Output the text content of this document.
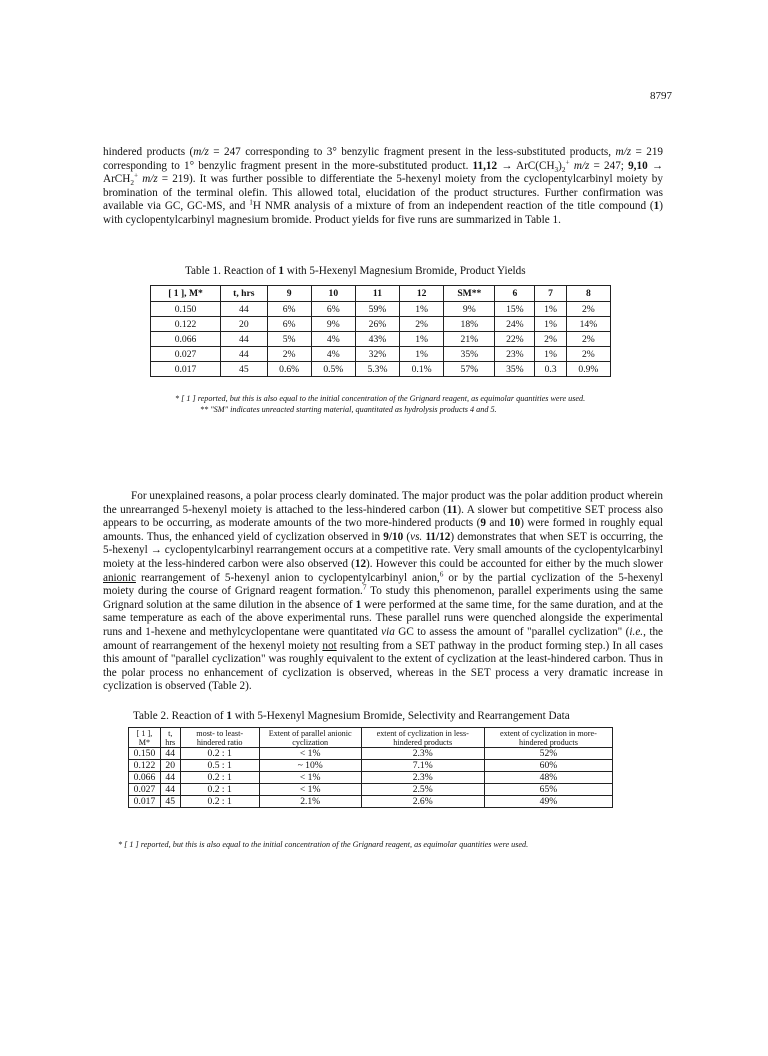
8797

hindered products (m/z = 247 corresponding to 3° benzylic fragment present in the less-substituted products, m/z = 219 corresponding to 1° benzylic fragment present in the more-substituted product. $11,12 \to ArC(CH_3)_2^+$ m/z = 247; 9,10 → ArCH$_2$+ m/z = 219). It was further possible to differentiate the 5-hexenyl moiety from the cyclopentylcarbinyl moiety by bromination of the terminal olefin. This allowed total, elucidation of the product structures. Further confirmation was available via GC, GC-MS, and $^1$H NMR analysis of a mixture of from an independent reaction of the title compound (1) with cyclopentylcarbinyl magnesium bromide. Product yields for five runs are summarized in Table 1.

Table 1. Reaction of 1 with 5-Hexenyl Magnesium Bromide, Product Yields
[ 1 ], M*	t, hrs	9	10	11	12	SM**	6	7	8
0.150	44	6%	6%	59%	1%	9%	15%	1%	2%
0.122	20	6%	9%	26%	2%	18%	24%	1%	14%
0.066	44	5%	4%	43%	1%	21%	22%	2%	2%
0.027	44	2%	4%	32%	1%	35%	23%	1%	2%
0.017	45	0.6%	0.5%	5.3%	0.1%	57%	35%	0.3	0.9%
* [ 1 ] reported, but this is also equal to the initial concentration of the Grignard reagent, as equimolar quantities were used.
** "SM" indicates unreacted starting material, quantitated as hydrolysis products 4 and 5.

For unexplained reasons, a polar process clearly dominated. The major product was the polar addition product wherein the unrearranged 5-hexenyl moiety is attached to the less-hindered carbon (11). A slower but competitive SET process also appears to be occurring, as moderate amounts of the two more-hindered products (9 and 10) were formed in roughly equal amounts. Thus, the enhanced yield of cyclization observed in 9/10 (vs. 11/12) demonstrates that when SET is occurring, the 5-hexenyl → cyclopentylcarbinyl rearrangement occurs at a competitive rate. Very small amounts of the cyclopentylcarbinyl moiety at the less-hindered carbon were also observed (12). However this could be accounted for either by the much slower anionic rearrangement of 5-hexenyl anion to cyclopentylcarbinyl anion,$^6$ or by the partial cyclization of the 5-hexenyl moiety during the course of Grignard reagent formation.$^7$ To study this phenomenon, parallel experiments using the same Grignard solution at the same dilution in the absence of 1 were performed at the same time, for the same duration, and at the same temperature as each of the above experimental runs. These parallel runs were quenched alongside the experimental runs and 1-hexene and methylcyclopentane were quantitated via GC to assess the amount of "parallel cyclization" (i.e., the amount of rearrangement of the hexenyl moiety not resulting from a SET pathway in the product forming step.) In all cases this amount of "parallel cyclization" was roughly equivalent to the extent of cyclization at the least-hindered carbon. Thus in the polar process no enhancement of cyclization is observed, whereas in the SET process a very dramatic increase in cyclization is observed (Table 2).

Table 2. Reaction of 1 with 5-Hexenyl Magnesium Bromide, Selectivity and Rearrangement Data
[ 1 ], M*	t, hrs	most- to least-hindered ratio	Extent of parallel anionic cyclization	extent of cyclization in less-hindered products	extent of cyclization in more- hindered products
0.150	44	0.2 : 1	< 1%	2.3%	52%
0.122	20	0.5 : 1	~ 10%	7.1%	60%
0.066	44	0.2 : 1	< 1%	2.3%	48%
0.027	44	0.2 : 1	< 1%	2.5%	65%
0.017	45	0.2 : 1	2.1%	2.6%	49%
* [ 1 ] reported, but this is also equal to the initial concentration of the Grignard reagent, as equimolar quantities were used.
